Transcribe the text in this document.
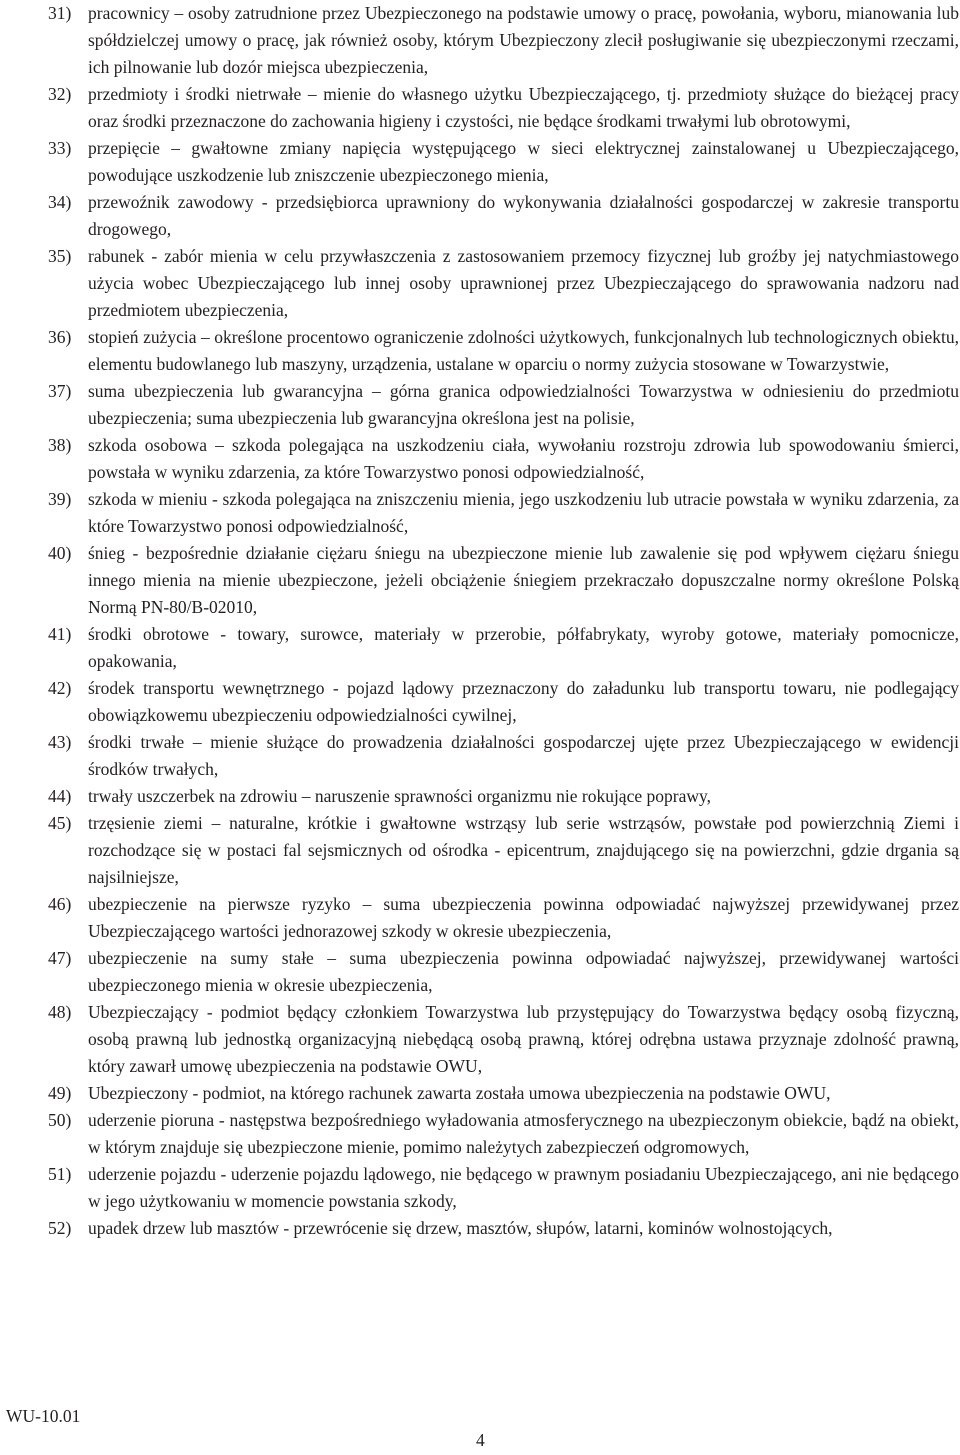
31) pracownicy – osoby zatrudnione przez Ubezpieczonego na podstawie umowy o pracę, powołania, wyboru, mianowania lub spółdzielczej umowy o pracę, jak również osoby, którym Ubezpieczony zlecił posługiwanie się ubezpieczonymi rzeczami, ich pilnowanie lub dozór miejsca ubezpieczenia,
32) przedmioty i środki nietrwałe – mienie do własnego użytku Ubezpieczającego, tj. przedmioty służące do bieżącej pracy oraz środki przeznaczone do zachowania higieny i czystości, nie będące środkami trwałymi lub obrotowymi,
33) przepięcie – gwałtowne zmiany napięcia występującego w sieci elektrycznej zainstalowanej u Ubezpieczającego, powodujące uszkodzenie lub zniszczenie ubezpieczonego mienia,
34) przewoźnik zawodowy - przedsiębiorca uprawniony do wykonywania działalności gospodarczej w zakresie transportu drogowego,
35) rabunek - zabór mienia w celu przywłaszczenia z zastosowaniem przemocy fizycznej lub groźby jej natychmiastowego użycia wobec Ubezpieczającego lub innej osoby uprawnionej przez Ubezpieczającego do sprawowania nadzoru nad przedmiotem ubezpieczenia,
36) stopień zużycia – określone procentowo ograniczenie zdolności użytkowych, funkcjonalnych lub technologicznych obiektu, elementu budowlanego lub maszyny, urządzenia, ustalane w oparciu o normy zużycia stosowane w Towarzystwie,
37) suma ubezpieczenia lub gwarancyjna – górna granica odpowiedzialności Towarzystwa w odniesieniu do przedmiotu ubezpieczenia; suma ubezpieczenia lub gwarancyjna określona jest na polisie,
38) szkoda osobowa – szkoda polegająca na uszkodzeniu ciała, wywołaniu rozstroju zdrowia lub spowodowaniu śmierci, powstała w wyniku zdarzenia, za które Towarzystwo ponosi odpowiedzialność,
39) szkoda w mieniu - szkoda polegająca na zniszczeniu mienia, jego uszkodzeniu lub utracie powstała w wyniku zdarzenia, za które Towarzystwo ponosi odpowiedzialność,
40) śnieg - bezpośrednie działanie ciężaru śniegu na ubezpieczone mienie lub zawalenie się pod wpływem ciężaru śniegu innego mienia na mienie ubezpieczone, jeżeli obciążenie śniegiem przekraczało dopuszczalne normy określone Polską Normą PN-80/B-02010,
41) środki obrotowe - towary, surowce, materiały w przerobie, półfabrykaty, wyroby gotowe, materiały pomocnicze, opakowania,
42) środek transportu wewnętrznego - pojazd lądowy przeznaczony do załadunku lub transportu towaru, nie podlegający obowiązkowemu ubezpieczeniu odpowiedzialności cywilnej,
43) środki trwałe – mienie służące do prowadzenia działalności gospodarczej ujęte przez Ubezpieczającego w ewidencji środków trwałych,
44) trwały uszczerbek na zdrowiu – naruszenie sprawności organizmu nie rokujące poprawy,
45) trzęsienie ziemi – naturalne, krótkie i gwałtowne wstrząsy lub serie wstrząsów, powstałe pod powierzchnią Ziemi i rozchodzące się w postaci fal sejsmicznych od ośrodka - epicentrum, znajdującego się na powierzchni, gdzie drgania są najsilniejsze,
46) ubezpieczenie na pierwsze ryzyko – suma ubezpieczenia powinna odpowiadać najwyższej przewidywanej przez Ubezpieczającego wartości jednorazowej szkody w okresie ubezpieczenia,
47) ubezpieczenie na sumy stałe – suma ubezpieczenia powinna odpowiadać najwyższej, przewidywanej wartości ubezpieczonego mienia w okresie ubezpieczenia,
48) Ubezpieczający - podmiot będący członkiem Towarzystwa lub przystępujący do Towarzystwa będący osobą fizyczną, osobą prawną lub jednostką organizacyjną niebędącą osobą prawną, której odrębna ustawa przyznaje zdolność prawną, który zawarł umowę ubezpieczenia na podstawie OWU,
49) Ubezpieczony - podmiot, na którego rachunek zawarta została umowa ubezpieczenia na podstawie OWU,
50) uderzenie pioruna - następstwa bezpośredniego wyładowania atmosferycznego na ubezpieczonym obiekcie, bądź na obiekt, w którym znajduje się ubezpieczone mienie, pomimo należytych zabezpieczeń odgromowych,
51) uderzenie pojazdu - uderzenie pojazdu lądowego, nie będącego w prawnym posiadaniu Ubezpieczającego, ani nie będącego w jego użytkowaniu w momencie powstania szkody,
52) upadek drzew lub masztów - przewrócenie się drzew, masztów, słupów, latarni, kominów wolnostojących,
WU-10.01
4
